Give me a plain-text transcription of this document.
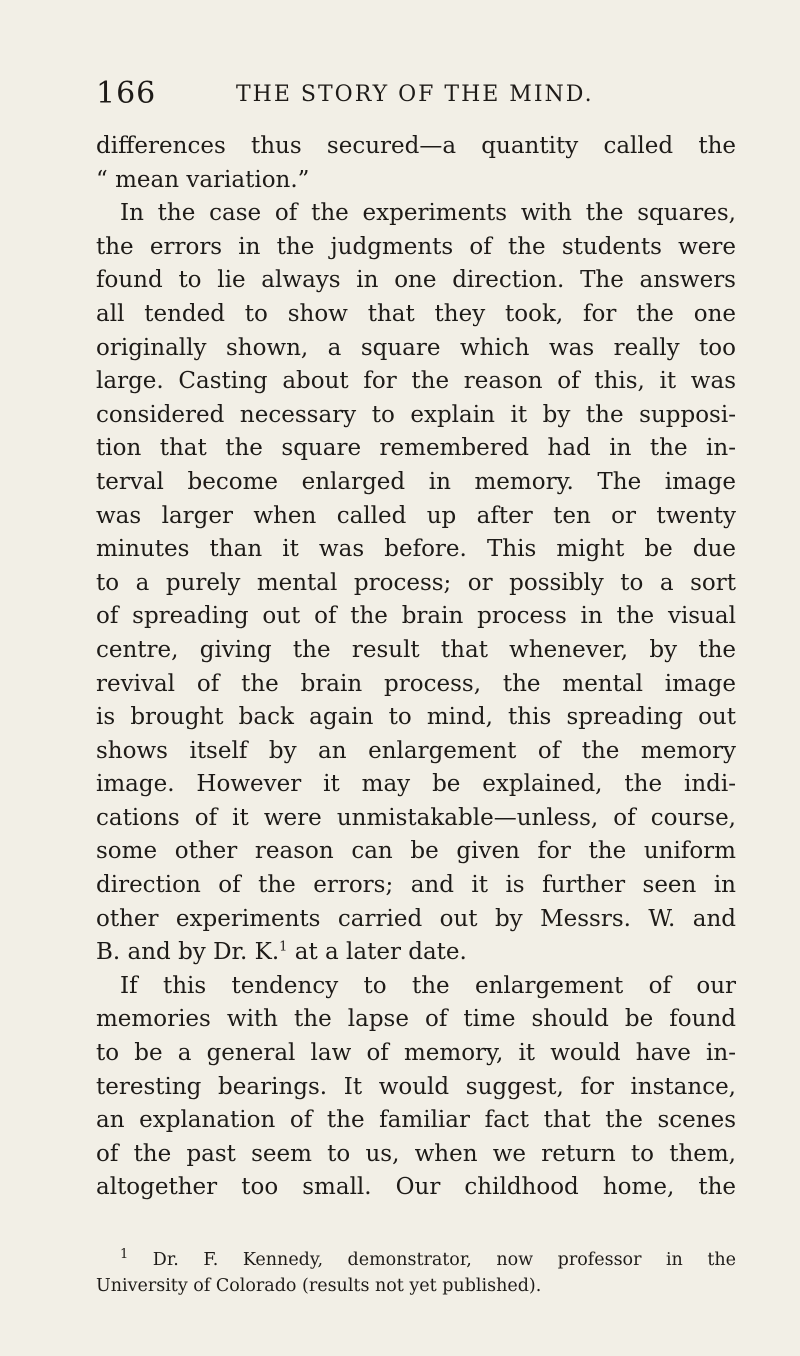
166	THE STORY OF THE MIND.
differences thus secured—a quantity called the
“ mean variation.”
In the case of the experiments with the squares,
the errors in the judgments of the students were
found to lie always in one direction. The answers
all tended to show that they took, for the one
originally shown, a square which was really too
large. Casting about for the reason of this, it was
considered necessary to explain it by the supposi-
tion that the square remembered had in the in-
terval become enlarged in memory. The image
was larger when called up after ten or twenty
minutes than it was before. This might be due
to a purely mental process; or possibly to a sort
of spreading out of the brain process in the visual
centre, giving the result that whenever, by the
revival of the brain process, the mental image
is brought back again to mind, this spreading out
shows itself by an enlargement of the memory
image. However it may be explained, the indi-
cations of it were unmistakable—unless, of course,
some other reason can be given for the uniform
direction of the errors; and it is further seen in
other experiments carried out by Messrs. W. and
B. and by Dr. K.$^1$ at a later date.
If this tendency to the enlargement of our
memories with the lapse of time should be found
to be a general law of memory, it would have in-
teresting bearings. It would suggest, for instance,
an explanation of the familiar fact that the scenes
of the past seem to us, when we return to them,
altogether too small. Our childhood home, the
$^1$ Dr. F. Kennedy, demonstrator, now professor in the
University of Colorado (results not yet published).
